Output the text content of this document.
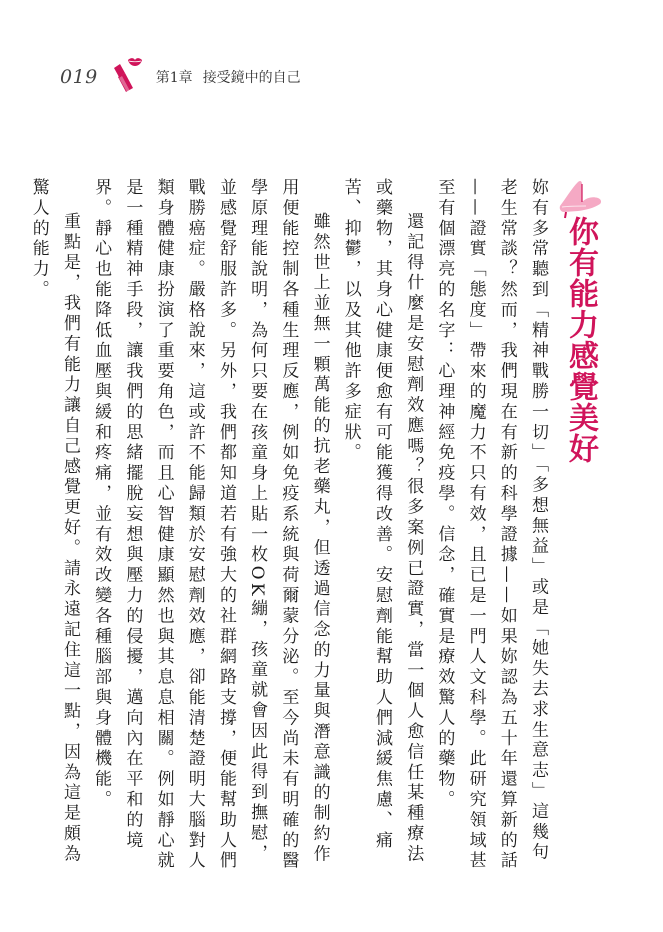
019	第1章 接受鏡中的自己
你有能力感覺美好

妳有多常聽到「精神戰勝一切」「多想無益」或是「她失去求生意志」這幾句老生常談？然而，我們現在有新的科學證據——如果妳認為五十年還算新的話——證實「態度」帶來的魔力不只有效，且已是一門人文科學。此研究領域甚至有個漂亮的名字：心理神經免疫學。信念，確實是療效驚人的藥物。

還記得什麼是安慰劑效應嗎？很多案例已證實，當一個人愈信任某種療法或藥物，其身心健康便愈有可能獲得改善。安慰劑能幫助人們減緩焦慮、痛苦、抑鬱，以及其他許多症狀。

雖然世上並無一顆萬能的抗老藥丸，但透過信念的力量與潛意識的制約作用便能控制各種生理反應，例如免疫系統與荷爾蒙分泌。至今尚未有明確的醫學原理能說明，為何只要在孩童身上貼一枚OK繃，孩童就會因此得到撫慰，並感覺舒服許多。另外，我們都知道若有強大的社群網路支撐，便能幫助人們戰勝癌症。嚴格說來，這或許不能歸類於安慰劑效應，卻能清楚證明大腦對人類身體健康扮演了重要角色，而且心智健康顯然也與其息息相關。例如靜心就是一種精神手段，讓我們的思緒擺脫妄想與壓力的侵擾，邁向內在平和的境界。靜心也能降低血壓與緩和疼痛，並有效改變各種腦部與身體機能。

重點是，我們有能力讓自己感覺更好。請永遠記住這一點，因為這是頗為驚人的能力。
